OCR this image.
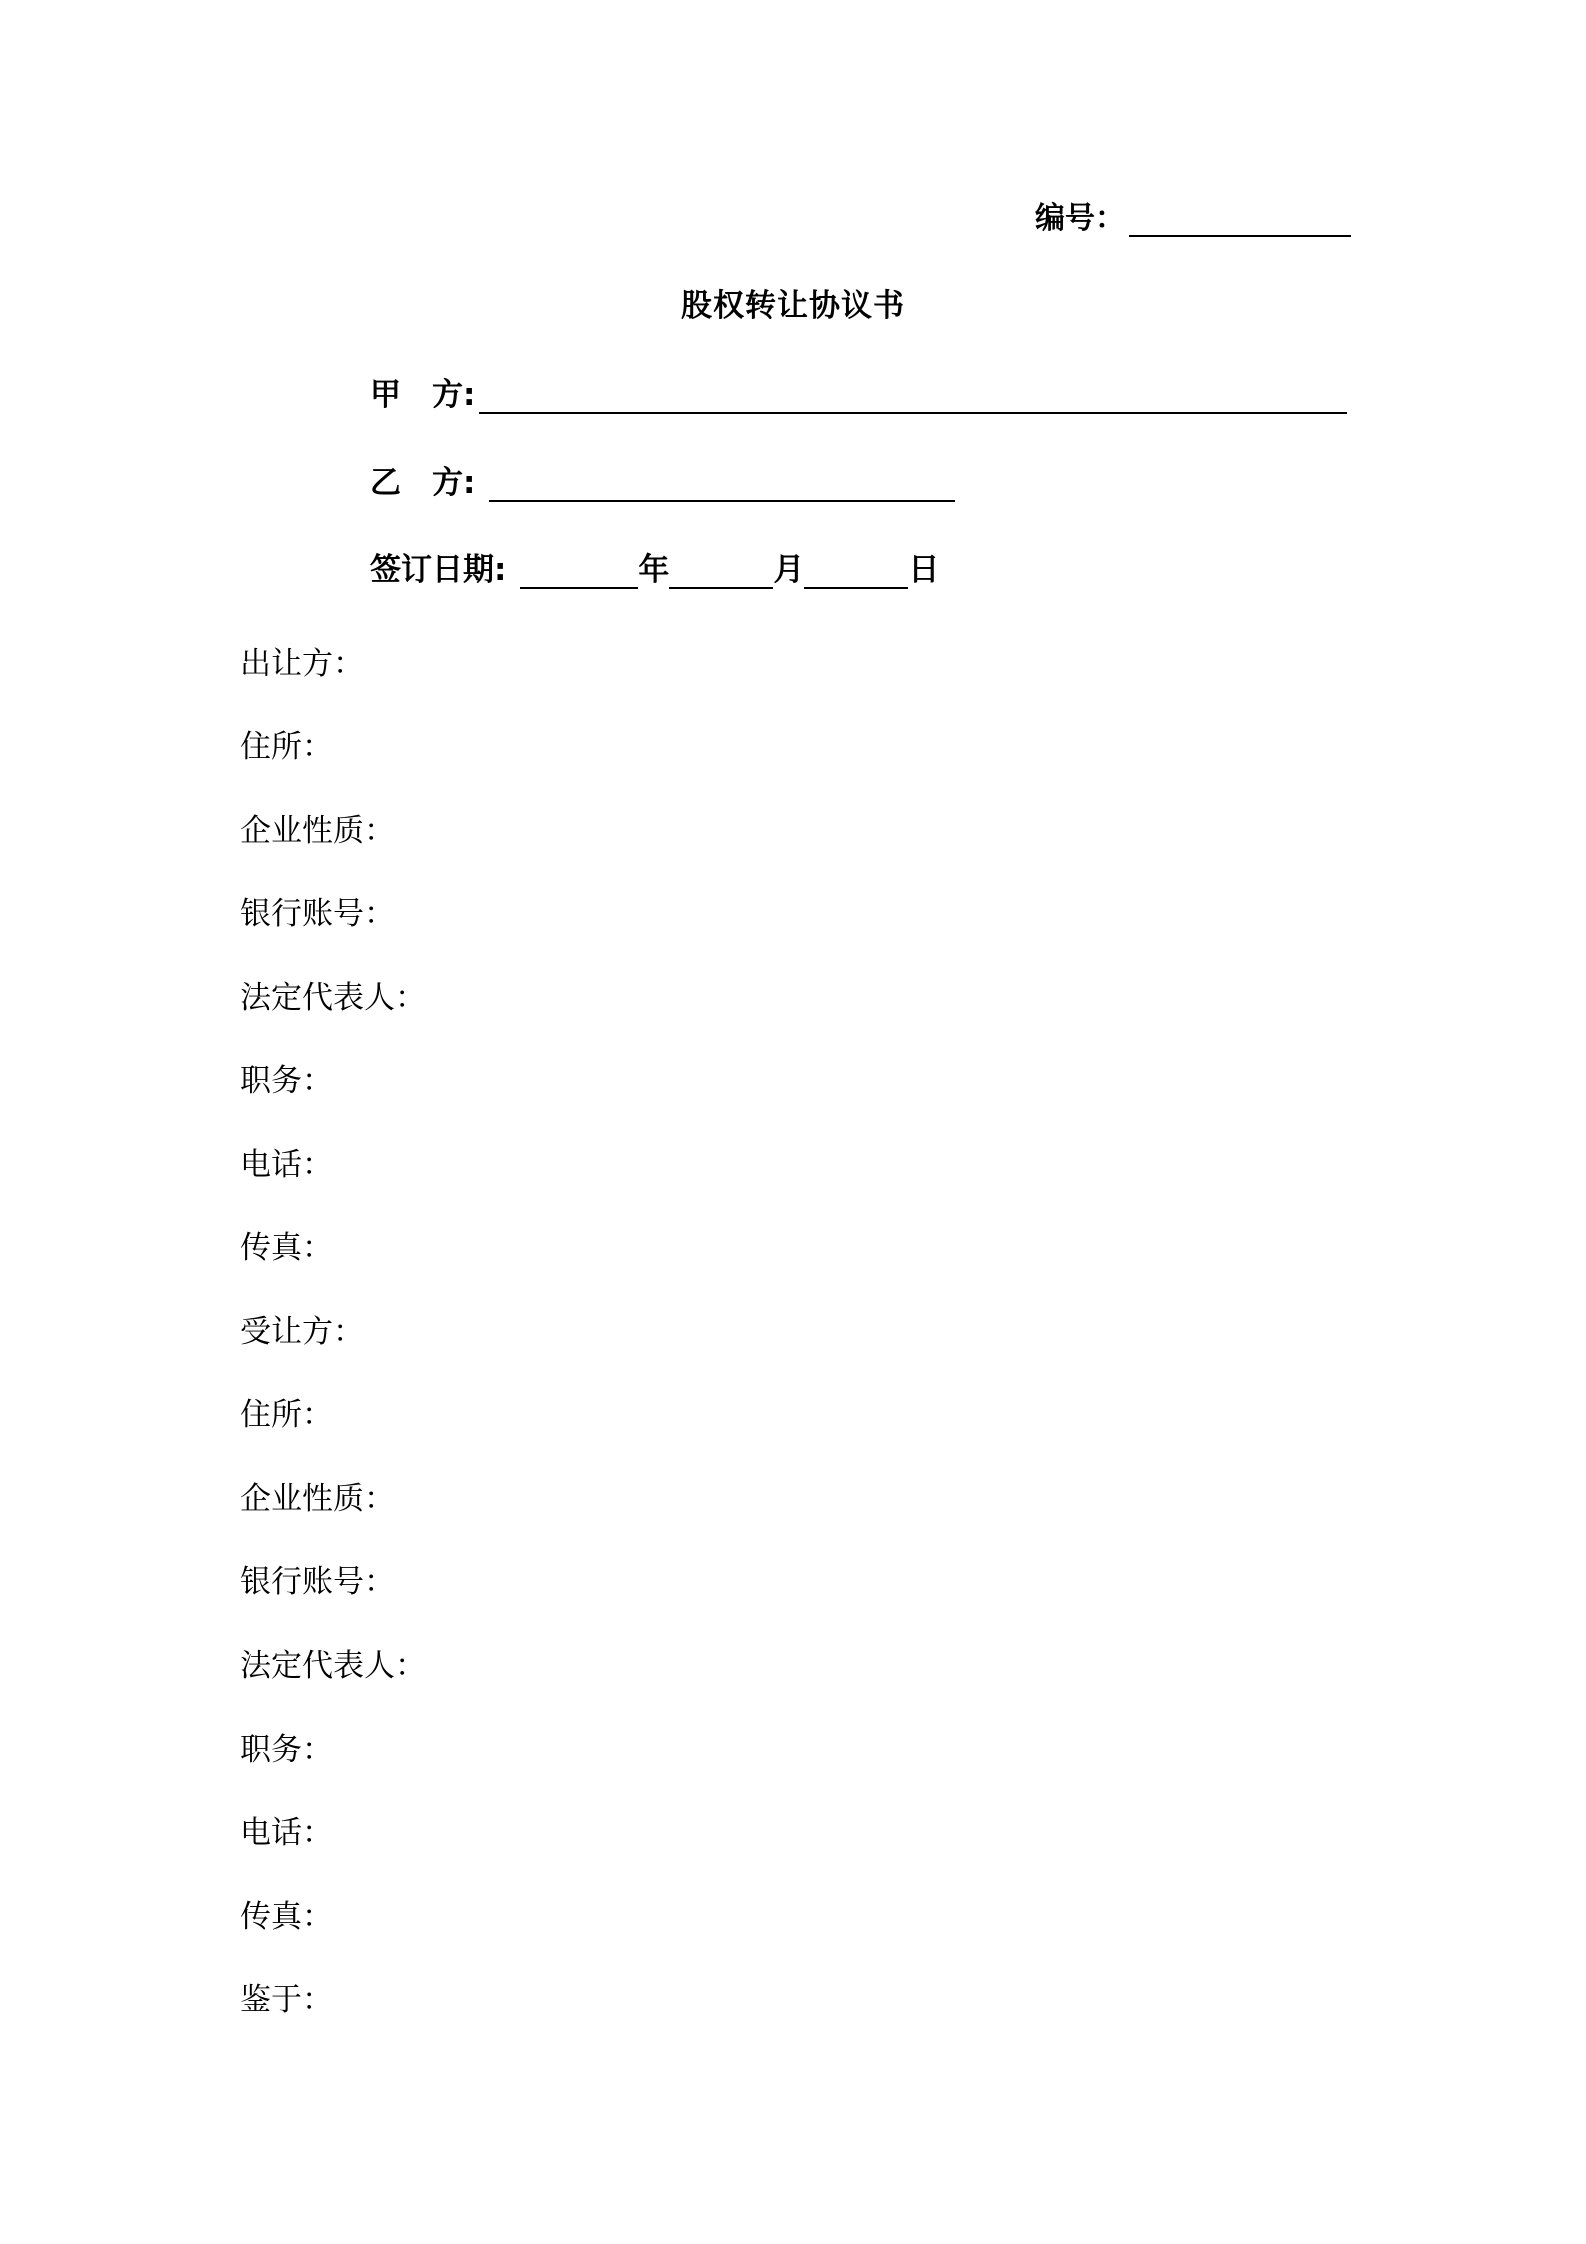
编号：
股权转让协议书
甲　方:
乙　方:
签订日期:	年	月	日
出让方：
住所：
企业性质：
银行账号：
法定代表人：
职务：
电话：
传真：
受让方：
住所：
企业性质：
银行账号：
法定代表人：
职务：
电话：
传真：
鉴于：
